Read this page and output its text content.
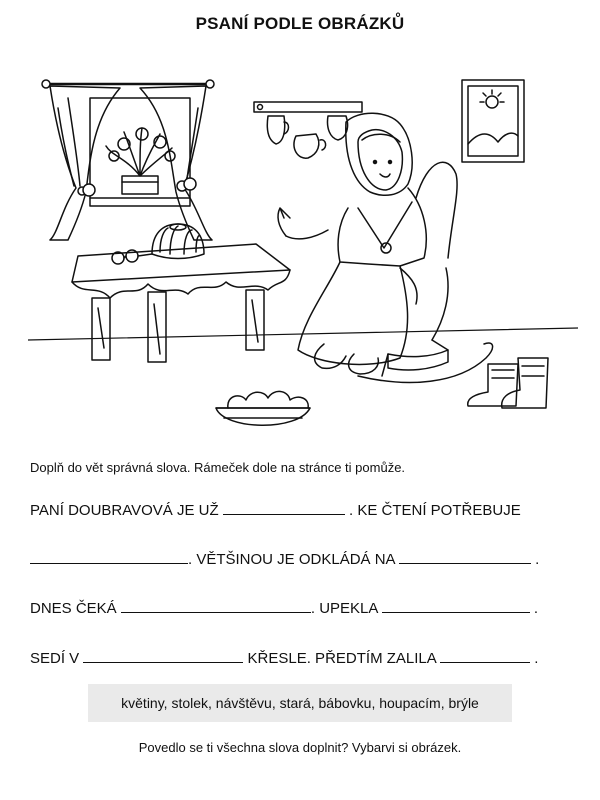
PSANÍ PODLE OBRÁZKŮ
Doplň do vět správná slova. Rámeček dole na stránce ti pomůže.
PANÍ DOUBRAVOVÁ JE UŽ	. KE ČTENÍ POTŘEBUJE
. VĚTŠINOU JE ODKLÁDÁ NA	.
DNES ČEKÁ	. UPEKLA	.
SEDÍ V	KŘESLE. PŘEDTÍM ZALILA	.
květiny, stolek, návštěvu, stará, bábovku, houpacím, brýle
Povedlo se ti všechna slova doplnit? Vybarvi si obrázek.
